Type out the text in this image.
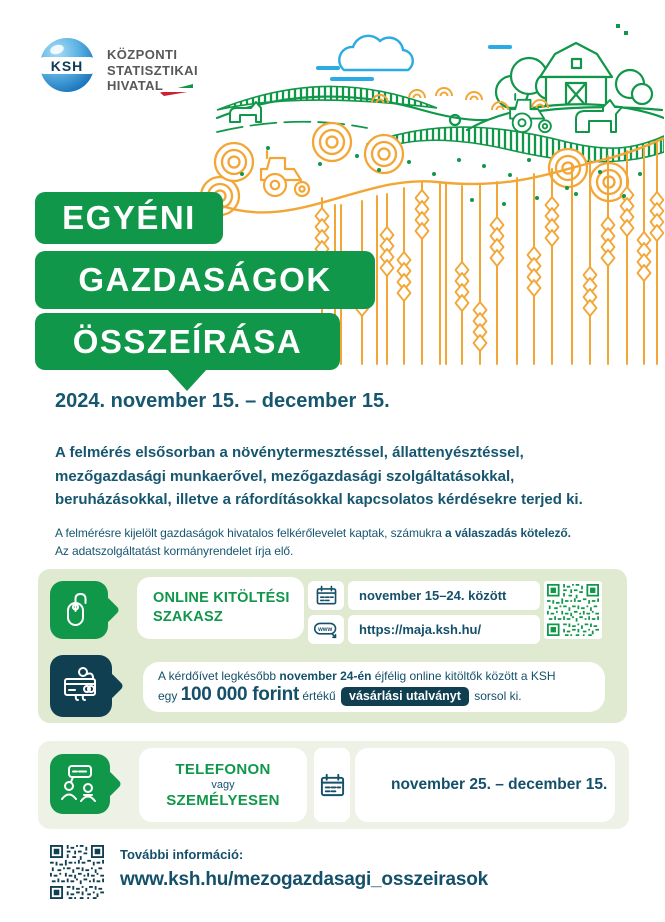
KSH
KÖZPONTI
STATISZTIKAI
HIVATAL
EGYÉNI
GAZDASÁGOK
ÖSSZEÍRÁSA
2024. november 15. – december 15.
A felmérés elsősorban a növénytermesztéssel, állattenyésztéssel, mezőgazdasági munkaerővel, mezőgazdasági szolgáltatásokkal, beruházásokkal, illetve a ráfordításokkal kapcsolatos kérdésekre terjed ki.
A felmérésre kijelölt gazdaságok hivatalos felkérőlevelet kaptak, számukra a válaszadás kötelező.
Az adatszolgáltatást kormányrendelet írja elő.
ONLINE KITÖLTÉSI
SZAKASZ
november 15–24. között
www	https://maja.ksh.hu/
A kérdőívet legkésőbb november 24-én éjfélig online kitöltők között a KSH
egy 100 000 forint értékű vásárlási utalványt sorsol ki.
TELEFONON
vagy
SZEMÉLYESEN
november 25. – december 15.
További információ:
www.ksh.hu/mezogazdasagi_osszeirasok
